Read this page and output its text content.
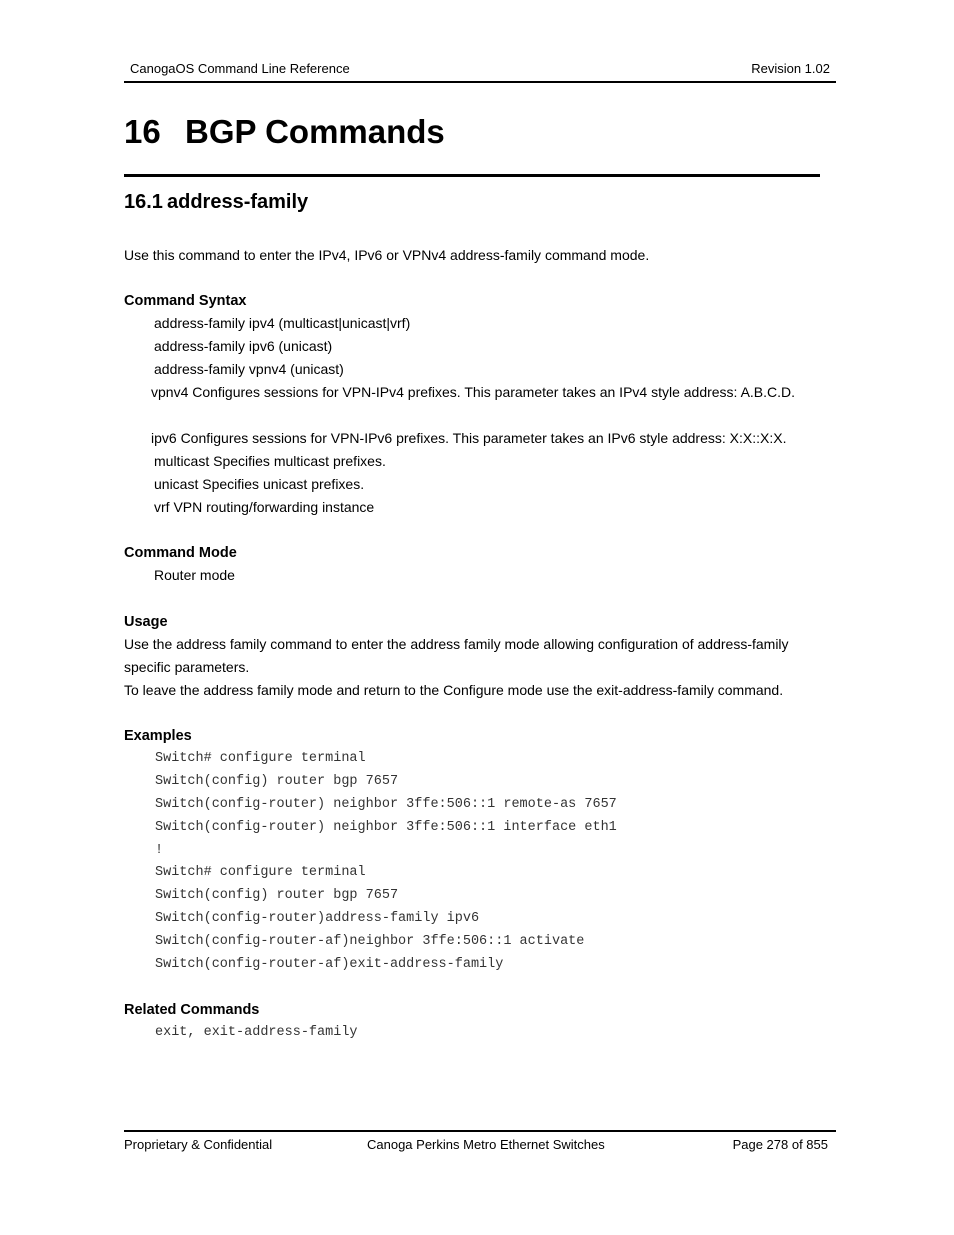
CanogaOS Command Line Reference	Revision 1.02
16 BGP Commands
16.1 address-family
Use this command to enter the IPv4, IPv6 or VPNv4 address-family command mode.
Command Syntax
address-family ipv4 (multicast|unicast|vrf)
address-family ipv6 (unicast)
address-family vpnv4 (unicast)
vpnv4 Configures sessions for VPN-IPv4 prefixes. This parameter takes an IPv4 style address: A.B.C.D.
ipv6 Configures sessions for VPN-IPv6 prefixes. This parameter takes an IPv6 style address: X:X::X:X.
multicast Specifies multicast prefixes.
unicast Specifies unicast prefixes.
vrf VPN routing/forwarding instance
Command Mode
Router mode
Usage
Use the address family command to enter the address family mode allowing configuration of address-family specific parameters.
To leave the address family mode and return to the Configure mode use the exit-address-family command.
Examples
Switch# configure terminal
Switch(config) router bgp 7657
Switch(config-router) neighbor 3ffe:506::1 remote-as 7657
Switch(config-router) neighbor 3ffe:506::1 interface eth1
!
Switch# configure terminal
Switch(config) router bgp 7657
Switch(config-router)address-family ipv6
Switch(config-router-af)neighbor 3ffe:506::1 activate
Switch(config-router-af)exit-address-family
Related Commands
exit, exit-address-family
Proprietary & Confidential	Canoga Perkins Metro Ethernet Switches	Page 278 of 855
